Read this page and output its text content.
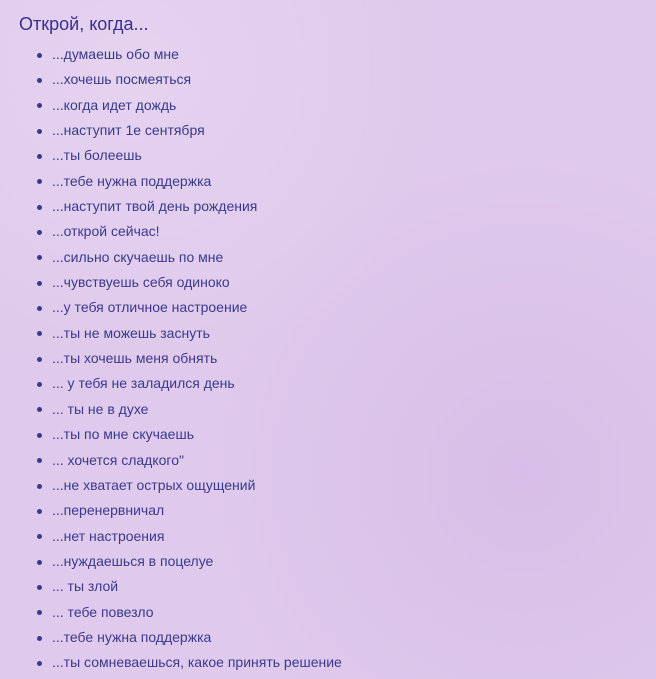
Открой, когда...
...думаешь обо мне
...хочешь посмеяться
...когда идет дождь
...наступит 1е сентября
...ты болеешь
...тебе нужна поддержка
...наступит твой день рождения
...открой сейчас!
...сильно скучаешь по мне
...чувствуешь себя одиноко
...у тебя отличное настроение
...ты не можешь заснуть
...ты хочешь меня обнять
... у тебя не заладился день
... ты не в духе
...ты по мне скучаешь
... хочется сладкого"
...не хватает острых ощущений
...перенервничал
...нет настроения
...нуждаешься в поцелуе
... ты злой
... тебе повезло
...тебе нужна поддержка
...ты сомневаешься, какое принять решение
